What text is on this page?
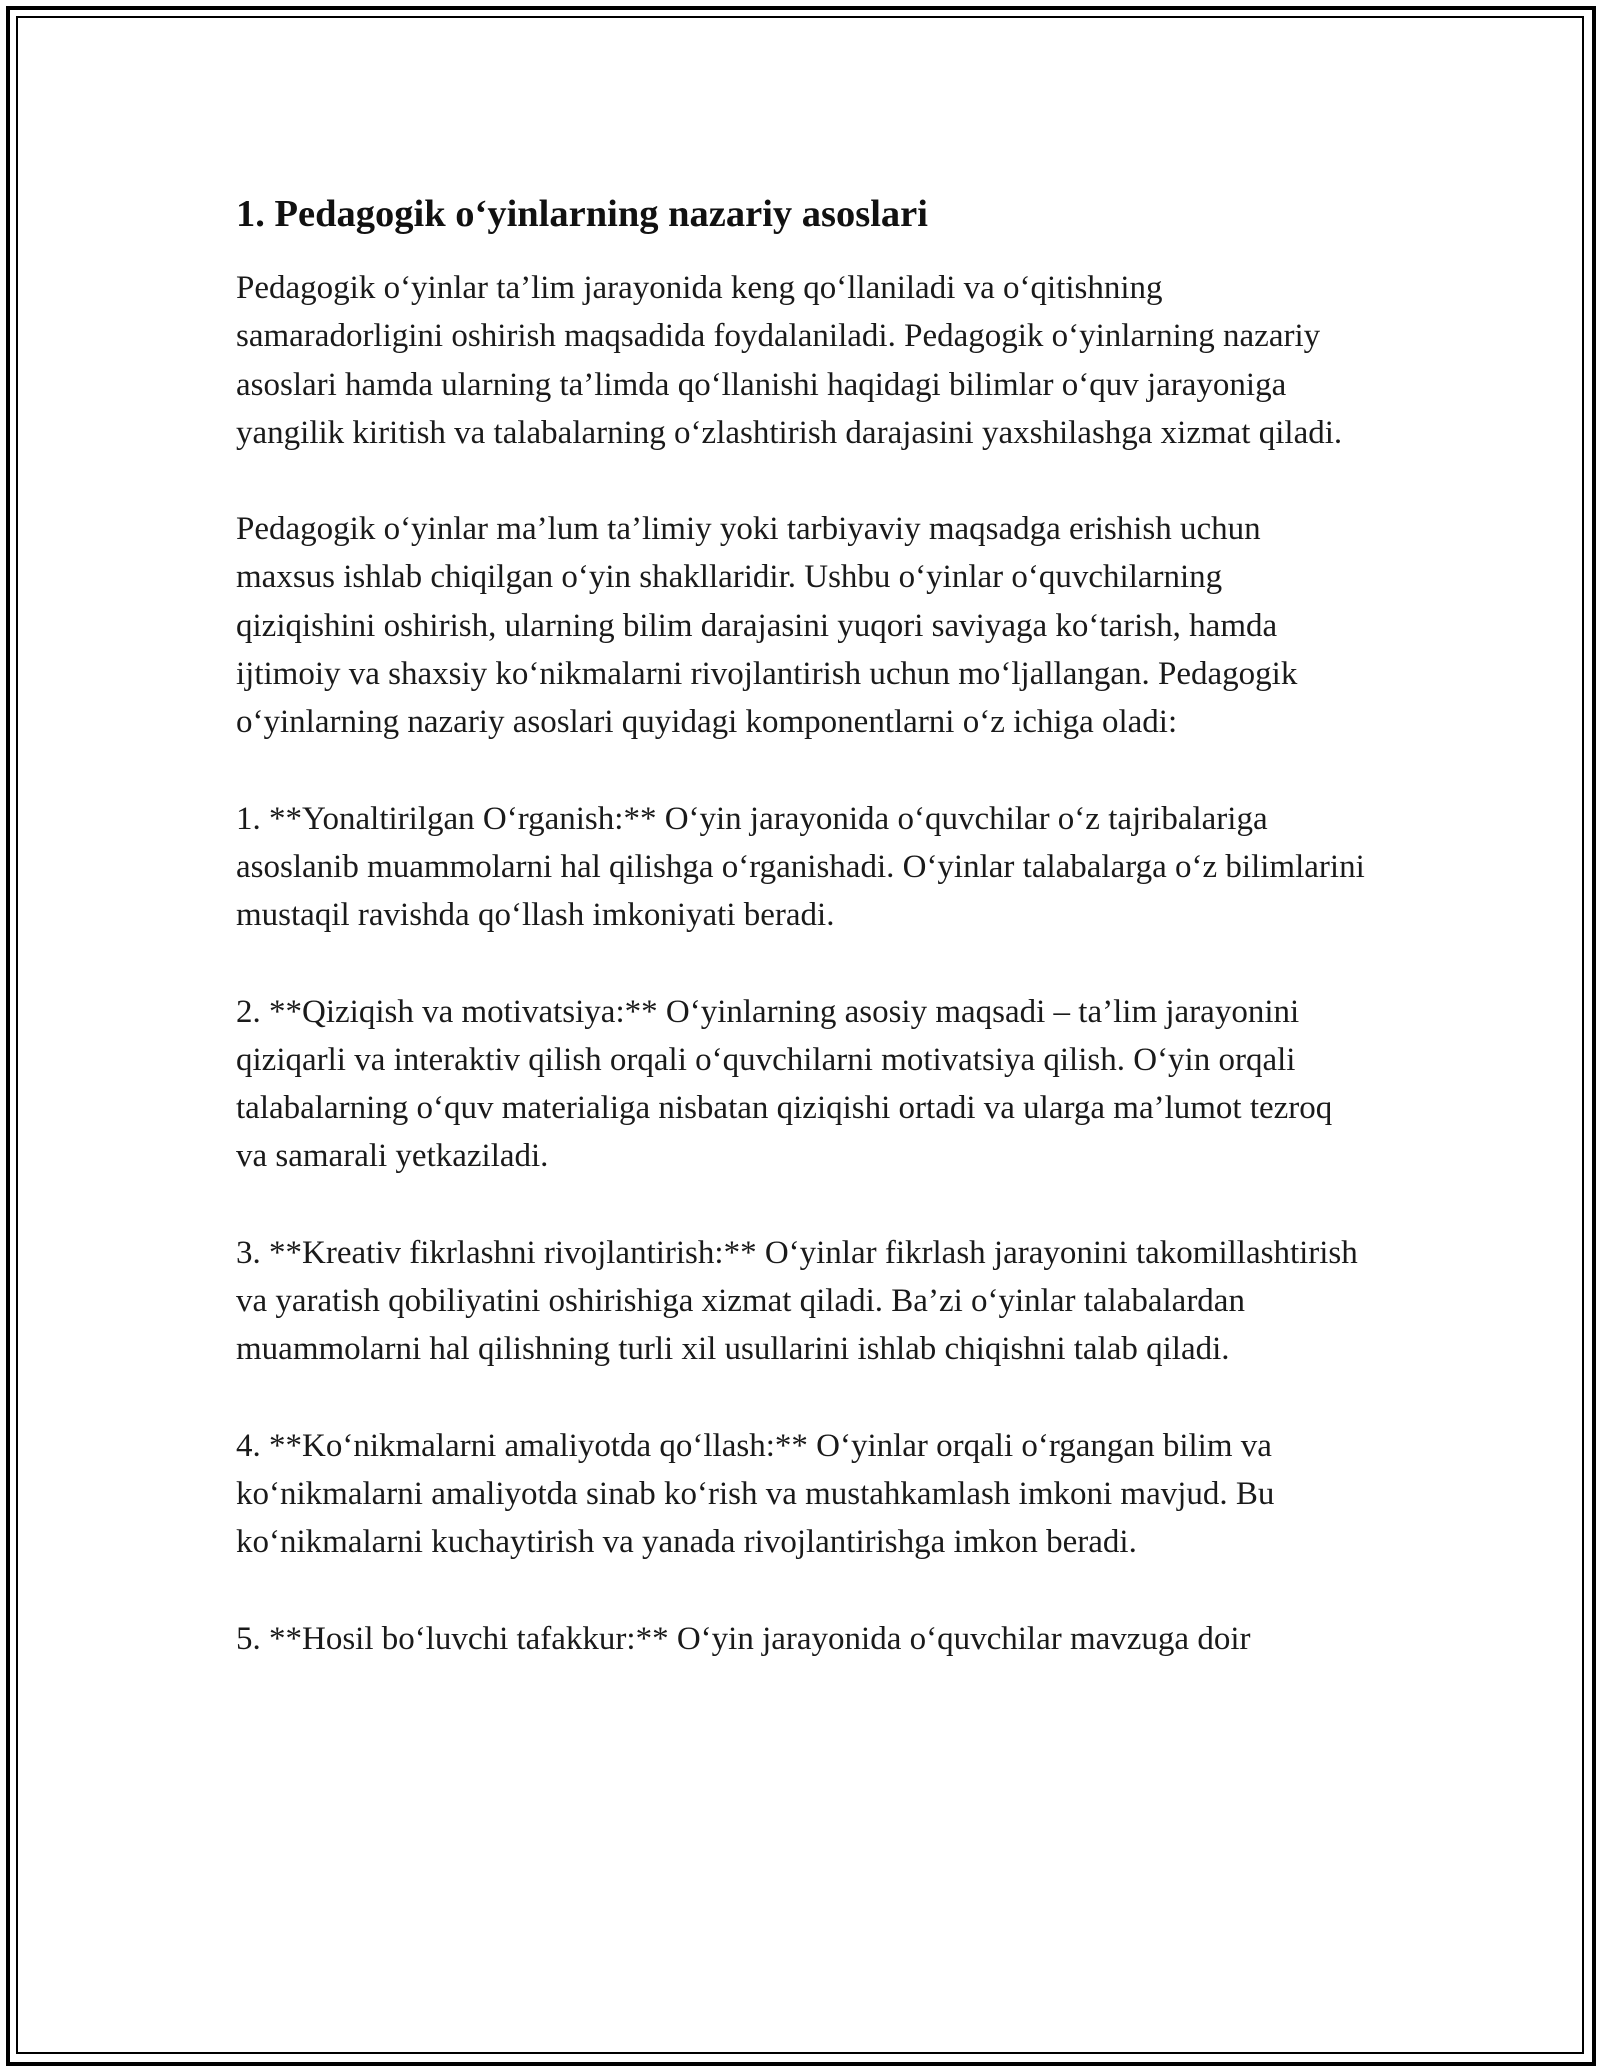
1. Pedagogik o‘yinlarning nazariy asoslari

Pedagogik o‘yinlar ta’lim jarayonida keng qo‘llaniladi va o‘qitishning samaradorligini oshirish maqsadida foydalaniladi. Pedagogik o‘yinlarning nazariy asoslari hamda ularning ta’limda qo‘llanishi haqidagi bilimlar o‘quv jarayoniga yangilik kiritish va talabalarning o‘zlashtirish darajasini yaxshilashga xizmat qiladi.

Pedagogik o‘yinlar ma’lum ta’limiy yoki tarbiyaviy maqsadga erishish uchun maxsus ishlab chiqilgan o‘yin shakllaridir. Ushbu o‘yinlar o‘quvchilarning qiziqishini oshirish, ularning bilim darajasini yuqori saviyaga ko‘tarish, hamda ijtimoiy va shaxsiy ko‘nikmalarni rivojlantirish uchun mo‘ljallangan. Pedagogik o‘yinlarning nazariy asoslari quyidagi komponentlarni o‘z ichiga oladi:

1. **Yonaltirilgan O‘rganish:** O‘yin jarayonida o‘quvchilar o‘z tajribalariga asoslanib muammolarni hal qilishga o‘rganishadi. O‘yinlar talabalarga o‘z bilimlarini mustaqil ravishda qo‘llash imkoniyati beradi.

2. **Qiziqish va motivatsiya:** O‘yinlarning asosiy maqsadi – ta’lim jarayonini qiziqarli va interaktiv qilish orqali o‘quvchilarni motivatsiya qilish. O‘yin orqali talabalarning o‘quv materialiga nisbatan qiziqishi ortadi va ularga ma’lumot tezroq va samarali yetkaziladi.

3. **Kreativ fikrlashni rivojlantirish:** O‘yinlar fikrlash jarayonini takomillashtirish va yaratish qobiliyatini oshirishiga xizmat qiladi. Ba’zi o‘yinlar talabalardan muammolarni hal qilishning turli xil usullarini ishlab chiqishni talab qiladi.

4. **Ko‘nikmalarni amaliyotda qo‘llash:** O‘yinlar orqali o‘rgangan bilim va ko‘nikmalarni amaliyotda sinab ko‘rish va mustahkamlash imkoni mavjud. Bu ko‘nikmalarni kuchaytirish va yanada rivojlantirishga imkon beradi.

5. **Hosil bo‘luvchi tafakkur:** O‘yin jarayonida o‘quvchilar mavzuga doir
